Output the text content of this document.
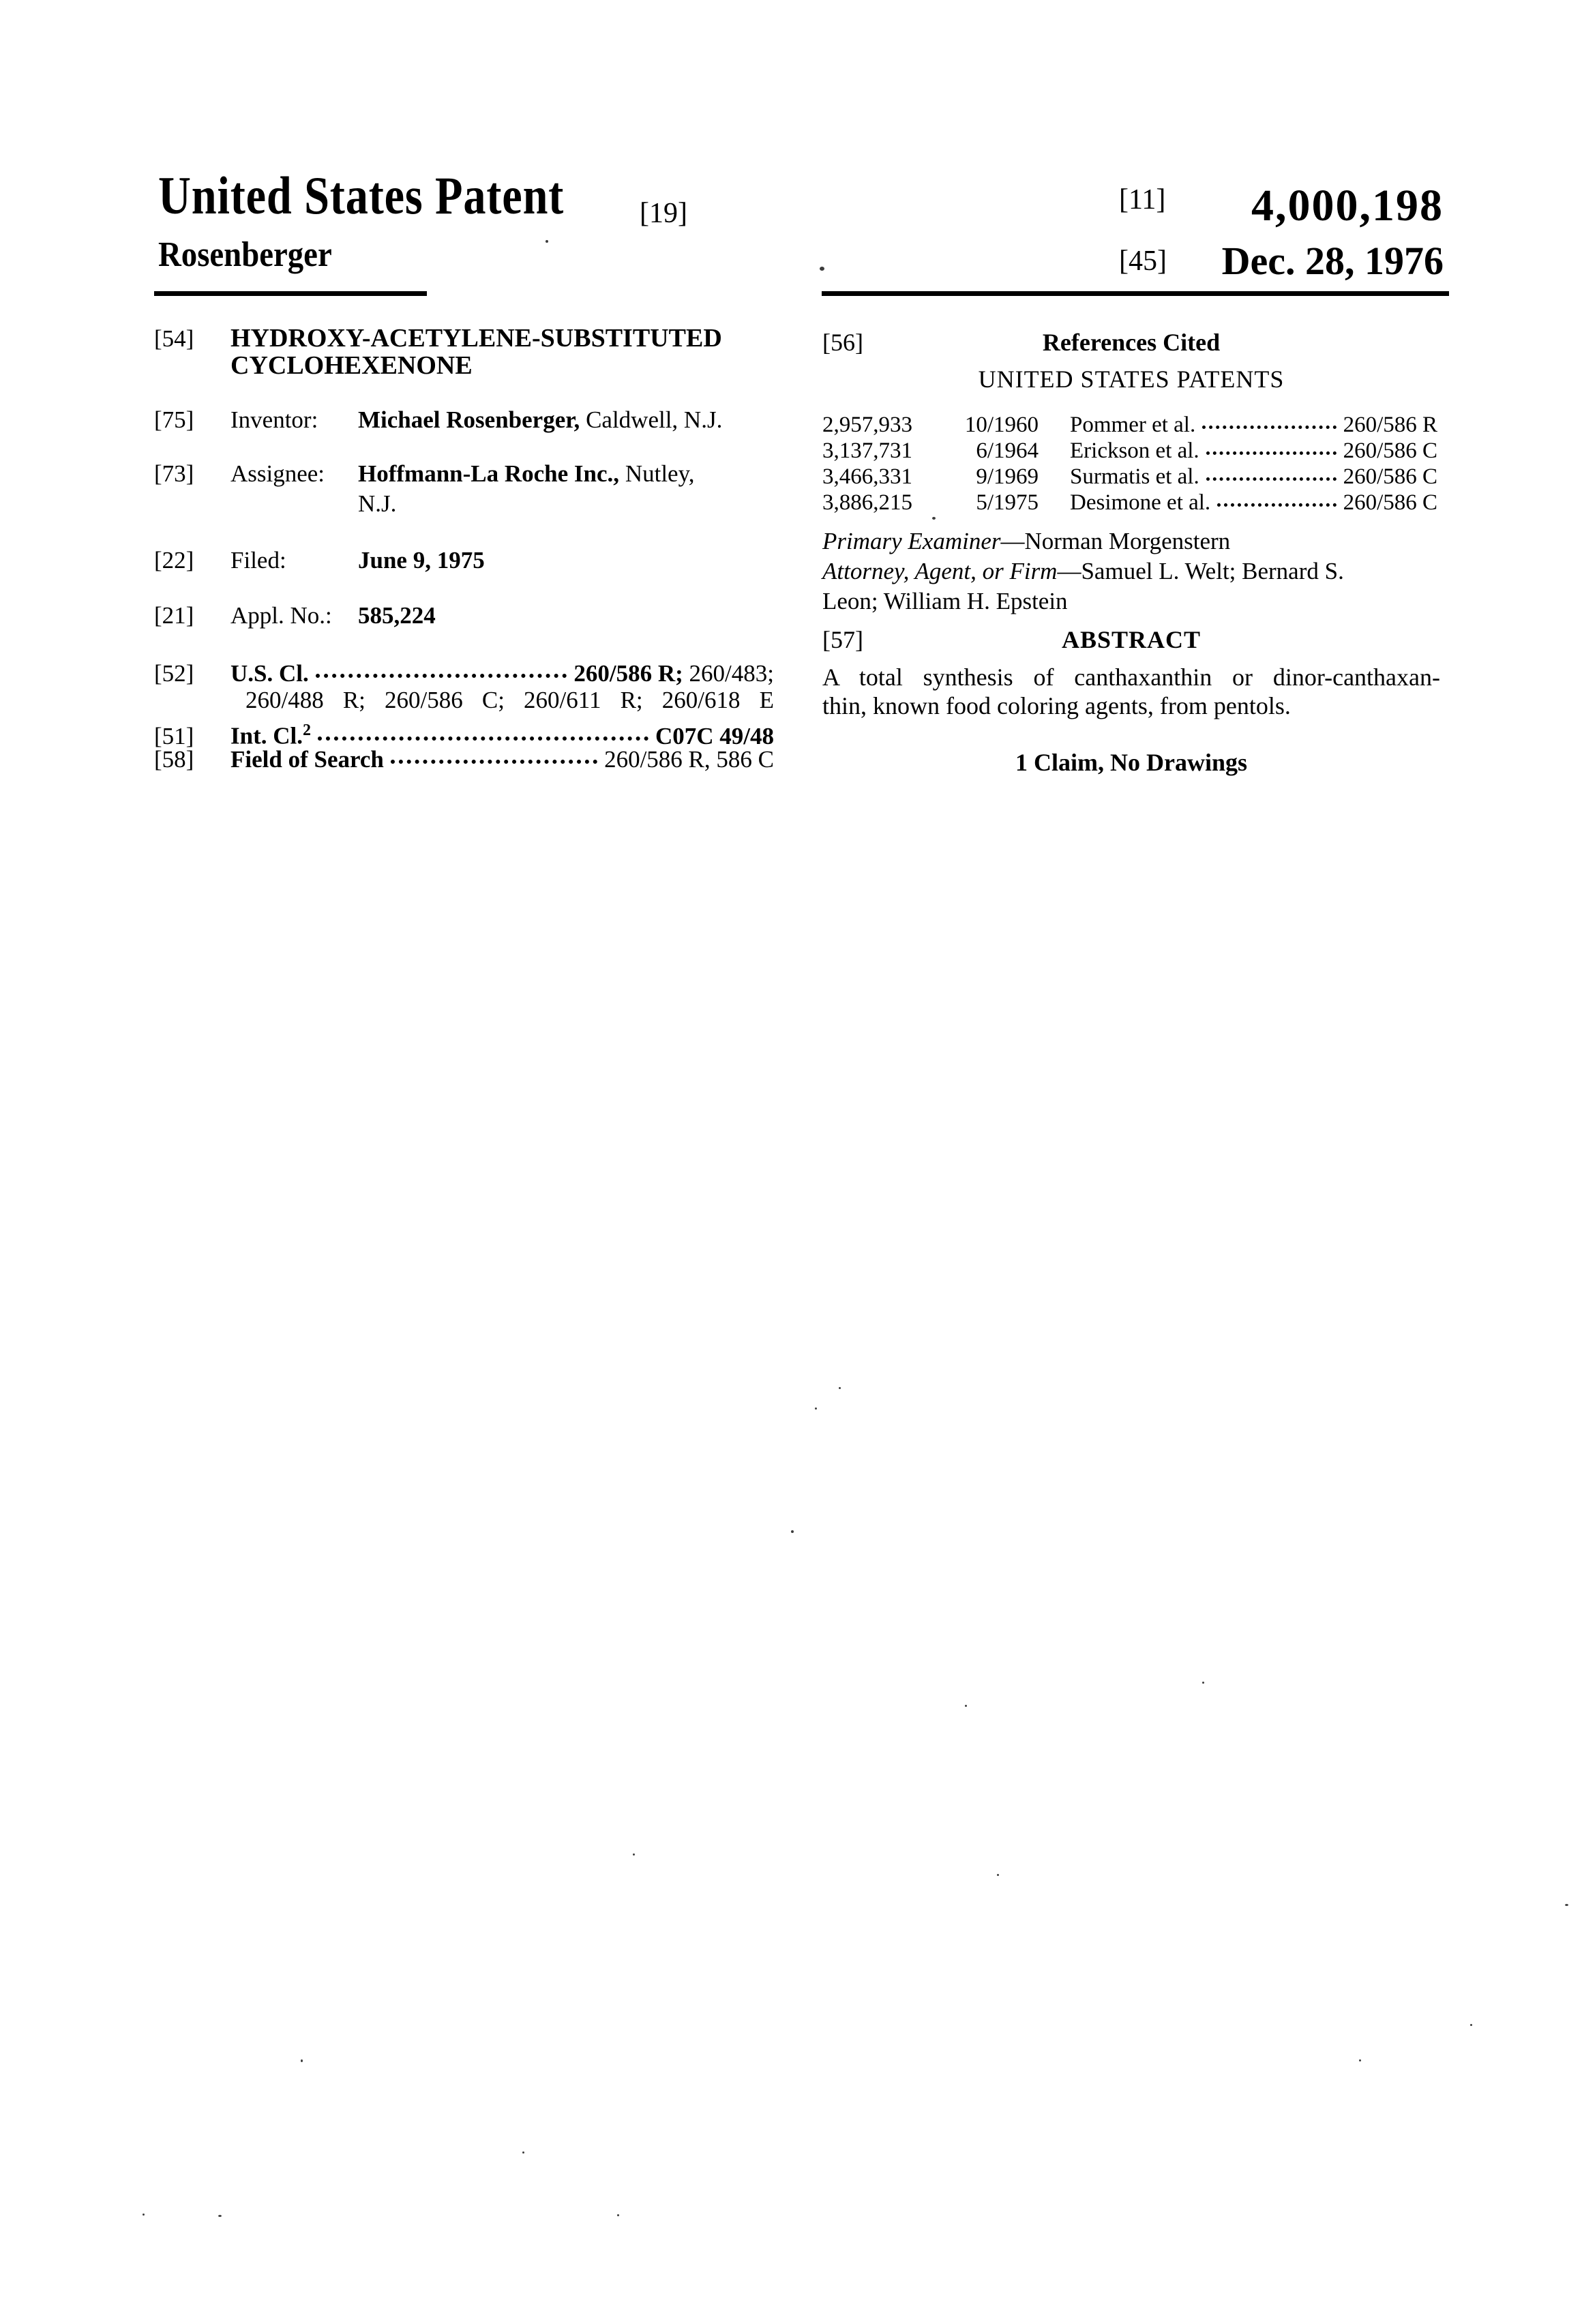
United States Patent	[19]	[11]	4,000,198
Rosenberger	[45]	Dec. 28, 1976
[54]	HYDROXY-ACETYLENE-SUBSTITUTED
CYCLOHEXENONE
[75]	Inventor:	Michael Rosenberger, Caldwell, N.J.
[73]	Assignee:	Hoffmann-La Roche Inc., Nutley,
N.J.
[22]	Filed:	June 9, 1975
[21]	Appl. No.:	585,224
[52]	U.S. Cl.	260/586 R; 260/483;
260/488 R; 260/586 C; 260/611 R; 260/618 E
[51]	Int. Cl.$^2$	C07C 49/48
[58]	Field of Search	260/586 R, 586 C
[56]	References Cited
UNITED STATES PATENTS
2,957,933	10/1960 Pommer et al.	260/586 R
3,137,731	6/1964 Erickson et al.	260/586 C
3,466,331	9/1969 Surmatis et al.	260/586 C
3,886,215	5/1975 Desimone et al.	260/586 C
Primary Examiner—Norman Morgenstern
Attorney, Agent, or Firm—Samuel L. Welt; Bernard S.
Leon; William H. Epstein
[57]	ABSTRACT
A total synthesis of canthaxanthin or dinor-canthaxan-
thin, known food coloring agents, from pentols.
1 Claim, No Drawings
